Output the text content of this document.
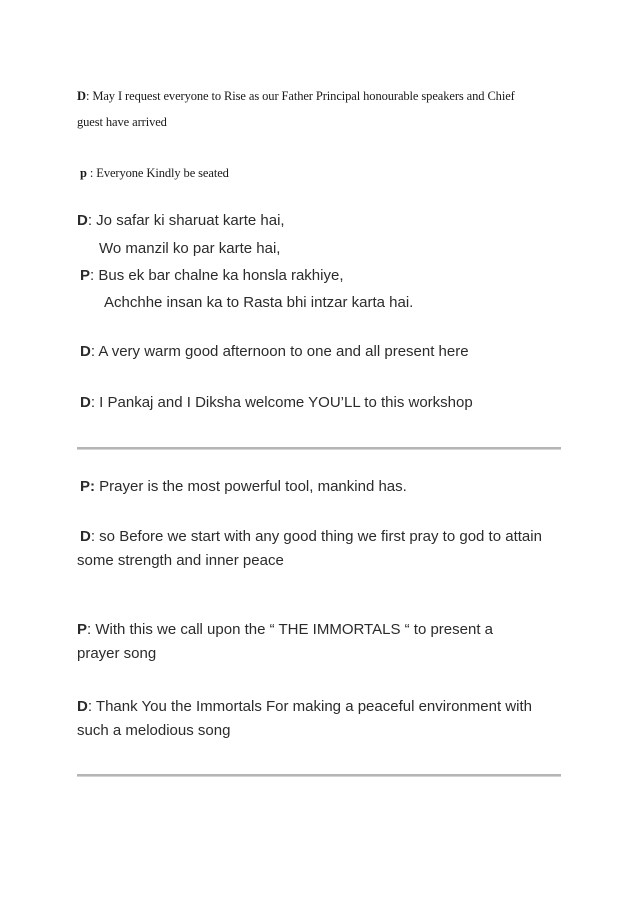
D: May I request everyone to Rise as our Father Principal honourable speakers and Chief
guest have arrived
p : Everyone Kindly be seated
D: Jo safar ki sharuat karte hai,
Wo manzil ko par karte hai,
P: Bus ek bar chalne ka honsla rakhiye,
Achchhe insan ka to Rasta bhi intzar karta hai.
D: A very warm good afternoon to one and all present here
D: I Pankaj and I Diksha welcome YOU’LL to this workshop
P: Prayer is the most powerful tool, mankind has.
D: so Before we start with any good thing we first pray to god to attain
some strength and inner peace
P: With this we call upon the “ THE IMMORTALS “ to present a
prayer song
D: Thank You the Immortals For making a peaceful environment with
such a melodious song
